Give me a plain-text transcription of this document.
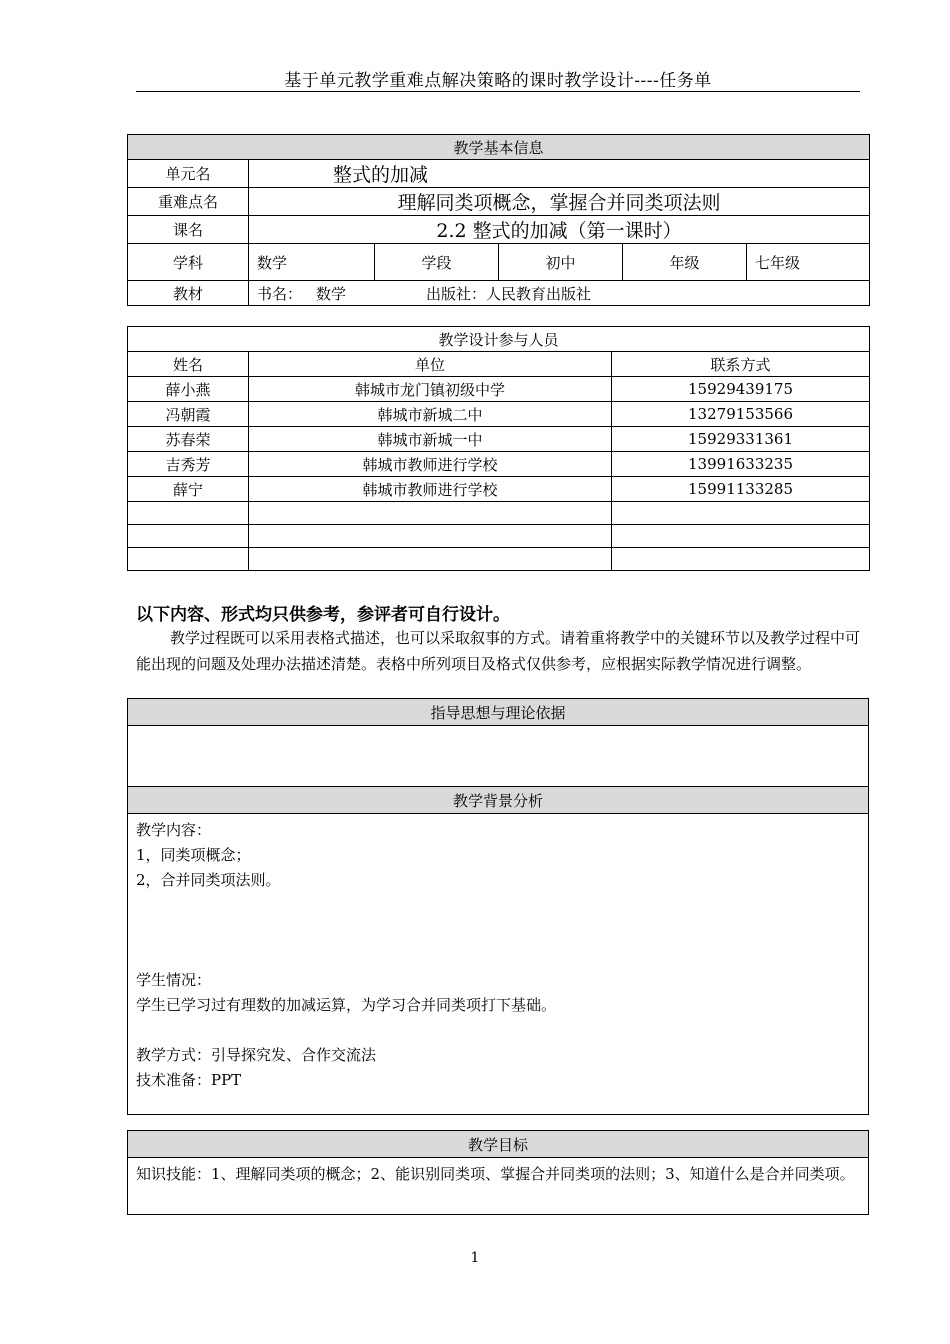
基于单元教学重难点解决策略的课时教学设计----任务单
教学基本信息					
单元名	整式的加减				
重难点名	理解同类项概念，掌握合并同类项法则				
课名	2.2 整式的加减（第一课时）				
学科	数学	学段	初中	年级	七年级
教材	书名： 数学 出版社：人民教育出版社				
教学设计参与人员		
姓名	单位	联系方式
薛小燕	韩城市龙门镇初级中学	15929439175
冯朝霞	韩城市新城二中	13279153566
苏春荣	韩城市新城一中	15929331361
吉秀芳	韩城市教师进行学校	13991633235
薛宁	韩城市教师进行学校	15991133285

以下内容、形式均只供参考，参评者可自行设计。
教学过程既可以采用表格式描述，也可以采取叙事的方式。请着重将教学中的关键环节以及教学过程中可能出现的问题及处理办法描述清楚。表格中所列项目及格式仅供参考，应根据实际教学情况进行调整。
指导思想与理论依据

教学背景分析

教学内容：
1，同类项概念；
2，合并同类项法则。
学生情况：
学生已学习过有理数的加减运算，为学习合并同类项打下基础。
教学方式：引导探究发、合作交流法
技术准备：PPT
教学目标
知识技能：1、理解同类项的概念；2、能识别同类项、掌握合并同类项的法则；3、知道什么是合并同类项。
1
